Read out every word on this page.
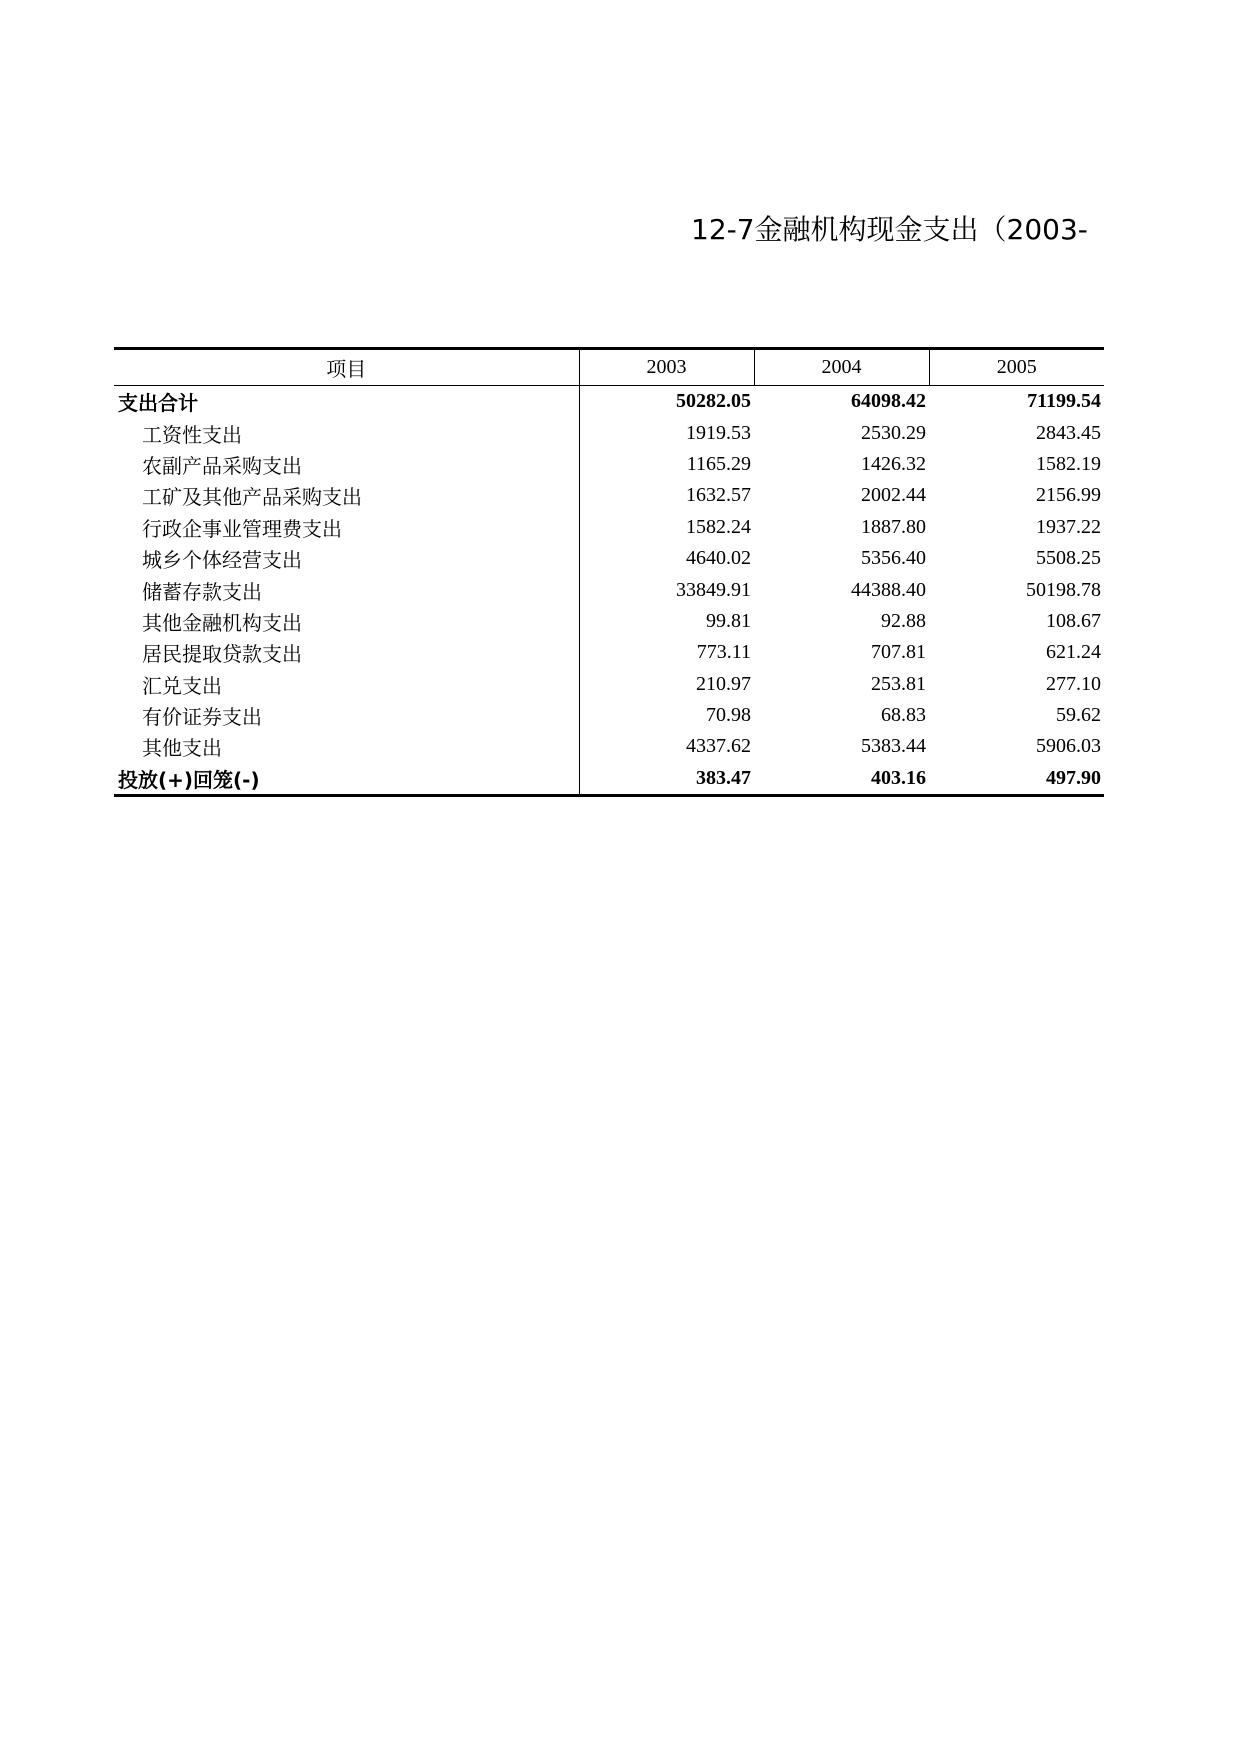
12-7金融机构现金支出（2003-
项目	2003	2004	2005
支出合计	50282.05	64098.42	71199.54
工资性支出	1919.53	2530.29	2843.45
农副产品采购支出	1165.29	1426.32	1582.19
工矿及其他产品采购支出	1632.57	2002.44	2156.99
行政企事业管理费支出	1582.24	1887.80	1937.22
城乡个体经营支出	4640.02	5356.40	5508.25
储蓄存款支出	33849.91	44388.40	50198.78
其他金融机构支出	99.81	92.88	108.67
居民提取贷款支出	773.11	707.81	621.24
汇兑支出	210.97	253.81	277.10
有价证券支出	70.98	68.83	59.62
其他支出	4337.62	5383.44	5906.03
投放(+)回笼(-)	383.47	403.16	497.90
